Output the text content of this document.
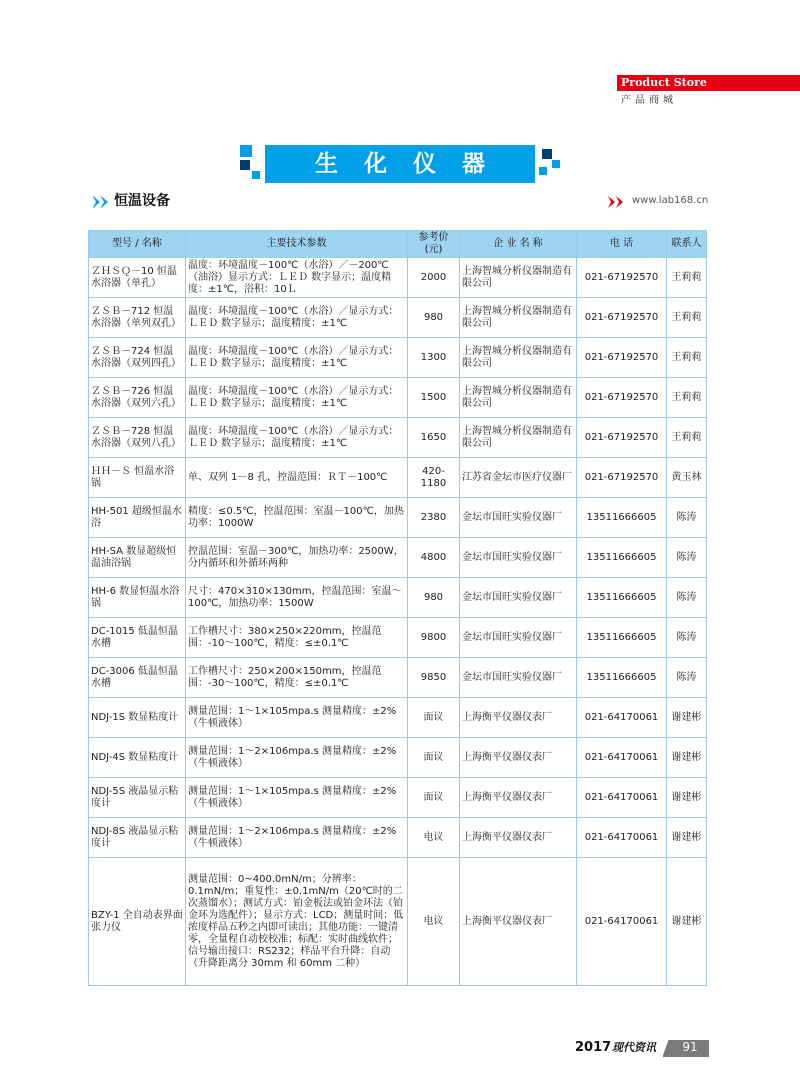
Product Store
产品商城
生化仪器
恒温设备	www.lab168.cn
型号 / 名称	主要技术参数	参考价(元)	企 业 名 称	电 话	联系人
ＺＨＳＱ－10 恒温水浴器（单孔）	温度：环境温度－100℃（水浴）／－200℃（油浴）显示方式：ＬＥＤ 数字显示；温度精度：±1℃，浴积：10Ｌ	2000	上海智城分析仪器制造有限公司	021-67192570	王莉莉
ＺＳＢ－712 恒温水浴器（单列双孔）	温度：环境温度－100℃（水浴）／显示方式：ＬＥＤ 数字显示；温度精度：±1℃	980	上海智城分析仪器制造有限公司	021-67192570	王莉莉
ＺＳＢ－724 恒温水浴器（双列四孔）	温度：环境温度－100℃（水浴）／显示方式：ＬＥＤ 数字显示；温度精度：±1℃	1300	上海智城分析仪器制造有限公司	021-67192570	王莉莉
ＺＳＢ－726 恒温水浴器（双列六孔）	温度：环境温度－100℃（水浴）／显示方式：ＬＥＤ 数字显示；温度精度：±1℃	1500	上海智城分析仪器制造有限公司	021-67192570	王莉莉
ＺＳＢ－728 恒温水浴器（双列八孔）	温度：环境温度－100℃（水浴）／显示方式：ＬＥＤ 数字显示；温度精度：±1℃	1650	上海智城分析仪器制造有限公司	021-67192570	王莉莉
ＨＨ－Ｓ 恒温水浴锅	单、双列 1－8 孔，控温范围：ＲＴ－100℃	420-1180	江苏省金坛市医疗仪器厂	021-67192570	黄玉林
HH-501 超级恒温水浴	精度：≤0.5℃，控温范围：室温－100℃，加热功率：1000W	2380	金坛市国旺实验仪器厂	13511666605	陈涛
HH-SA 数显超级恒温油浴锅	控温范围：室温－300℃，加热功率：2500W，分内循环和外循环两种	4800	金坛市国旺实验仪器厂	13511666605	陈涛
HH-6 数显恒温水浴锅	尺寸：470×310×130mm，控温范围：室温～100℃，加热功率：1500W	980	金坛市国旺实验仪器厂	13511666605	陈涛
DC-1015 低温恒温水槽	工作槽尺寸：380×250×220mm，控温范围：-10～100℃，精度：≤±0.1℃	9800	金坛市国旺实验仪器厂	13511666605	陈涛
DC-3006 低温恒温水槽	工作槽尺寸：250×200×150mm，控温范围：-30～100℃，精度：≤±0.1℃	9850	金坛市国旺实验仪器厂	13511666605	陈涛
NDJ-1S 数显粘度计	测量范围：1～1×105mpa.s 测量精度：±2%（牛顿液体）	面议	上海衡平仪器仪表厂	021-64170061	谢建彬
NDJ-4S 数显粘度计	测量范围：1～2×106mpa.s 测量精度：±2%（牛顿液体）	面议	上海衡平仪器仪表厂	021-64170061	谢建彬
NDJ-5S 液晶显示粘度计	测量范围：1～1×105mpa.s 测量精度：±2%（牛顿液体）	面议	上海衡平仪器仪表厂	021-64170061	谢建彬
NDJ-8S 液晶显示粘度计	测量范围：1～2×106mpa.s 测量精度：±2%（牛顿液体）	电议	上海衡平仪器仪表厂	021-64170061	谢建彬
BZY-1 全自动表界面张力仪	测量范围：0~400.0mN/m；分辨率：0.1mN/m；重复性：±0.1mN/m（20℃时的二次蒸馏水）；测试方式：铂金板法或铂金环法（铂金环为选配件）；显示方式：LCD；测量时间：低浓度样品五秒之内即可读出；其他功能：一键清零，全量程自动校校准；标配：实时曲线软件；信号输出接口：RS232；样品平台升降：自动（升降距离分 30mm 和 60mm 二种）	电议	上海衡平仪器仪表厂	021-64170061	谢建彬
2017 现代资讯	91
